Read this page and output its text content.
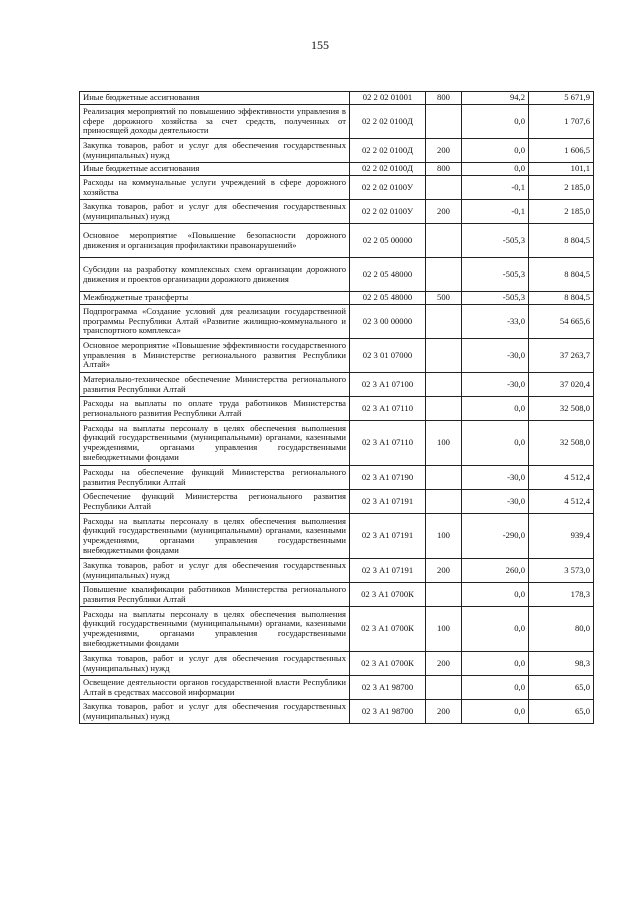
155
Иные бюджетные ассигнования	02 2 02 01001	800	94,2	5 671,9
Реализация мероприятий по повышению эффективности управления в сфере дорожного хозяйства за счет средств, полученных от приносящей доходы деятельности	02 2 02 0100Д		0,0	1 707,6
Закупка товаров, работ и услуг для обеспечения государственных (муниципальных) нужд	02 2 02 0100Д	200	0,0	1 606,5
Иные бюджетные ассигнования	02 2 02 0100Д	800	0,0	101,1
Расходы на коммунальные услуги учреждений в сфере дорожного хозяйства	02 2 02 0100У		-0,1	2 185,0
Закупка товаров, работ и услуг для обеспечения государственных (муниципальных) нужд	02 2 02 0100У	200	-0,1	2 185,0
Основное мероприятие «Повышение безопасности дорожного движения и организация профилактики правонарушений»	02 2 05 00000		-505,3	8 804,5
Субсидии на разработку комплексных схем организации дорожного движения и проектов организации дорожного движения	02 2 05 48000		-505,3	8 804,5
Межбюджетные трансферты	02 2 05 48000	500	-505,3	8 804,5
Подпрограмма «Создание условий для реализации государственной программы Республики Алтай «Развитие жилищно-коммунального и транспортного комплекса»	02 3 00 00000		-33,0	54 665,6
Основное мероприятие «Повышение эффективности государственного управления в Министерстве регионального развития Республики Алтай»	02 3 01 07000		-30,0	37 263,7
Материально-техническое обеспечение Министерства регионального развития Республики Алтай	02 3 А1 07100		-30,0	37 020,4
Расходы на выплаты по оплате труда работников Министерства регионального развития Республики Алтай	02 3 А1 07110		0,0	32 508,0
Расходы на выплаты персоналу в целях обеспечения выполнения функций государственными (муниципальными) органами, казенными учреждениями, органами управления государственными внебюджетными фондами	02 3 А1 07110	100	0,0	32 508,0
Расходы на обеспечение функций Министерства регионального развития Республики Алтай	02 3 А1 07190		-30,0	4 512,4
Обеспечение функций Министерства регионального развития Республики Алтай	02 3 А1 07191		-30,0	4 512,4
Расходы на выплаты персоналу в целях обеспечения выполнения функций государственными (муниципальными) органами, казенными учреждениями, органами управления государственными внебюджетными фондами	02 3 А1 07191	100	-290,0	939,4
Закупка товаров, работ и услуг для обеспечения государственных (муниципальных) нужд	02 3 А1 07191	200	260,0	3 573,0
Повышение квалификации работников Министерства регионального развития Республики Алтай	02 3 А1 0700К		0,0	178,3
Расходы на выплаты персоналу в целях обеспечения выполнения функций государственными (муниципальными) органами, казенными учреждениями, органами управления государственными внебюджетными фондами	02 3 А1 0700К	100	0,0	80,0
Закупка товаров, работ и услуг для обеспечения государственных (муниципальных) нужд	02 3 А1 0700К	200	0,0	98,3
Освещение деятельности органов государственной власти Республики Алтай в средствах массовой информации	02 3 А1 98700		0,0	65,0
Закупка товаров, работ и услуг для обеспечения государственных (муниципальных) нужд	02 3 А1 98700	200	0,0	65,0
